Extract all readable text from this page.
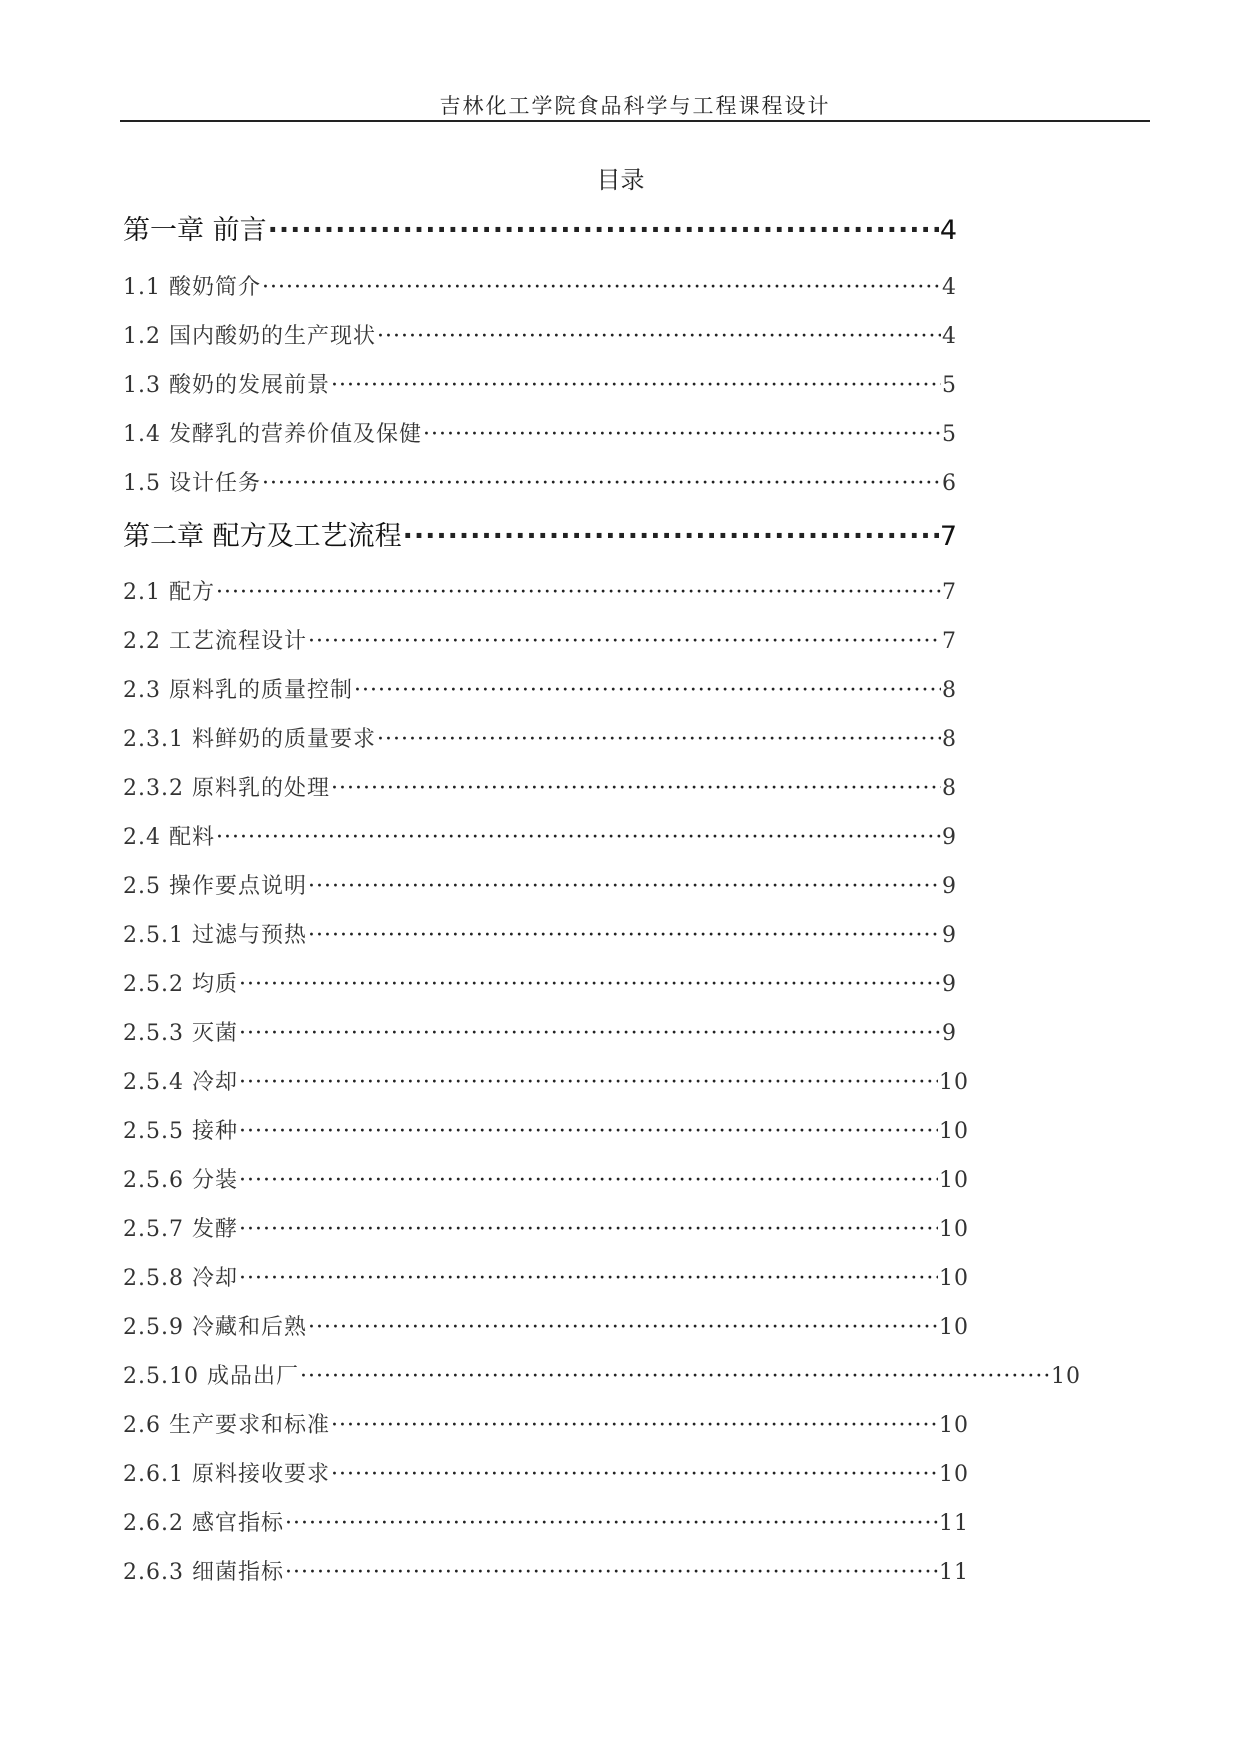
吉林化工学院食品科学与工程课程设计
目录
第一章 前言 ·····	4
1.1 酸奶简介 ·····	4
1.2 国内酸奶的生产现状 ·····	4
1.3 酸奶的发展前景 ·····	5
1.4 发酵乳的营养价值及保健 ·····	5
1.5 设计任务 ·····	6
第二章 配方及工艺流程 ·····	7
2.1 配方 ·····	7
2.2 工艺流程设计 ·····	7
2.3 原料乳的质量控制 ·····	8
2.3.1 料鲜奶的质量要求 ·····	8
2.3.2 原料乳的处理 ·····	8
2.4 配料 ·····	9
2.5 操作要点说明 ·····	9
2.5.1 过滤与预热 ·····	9
2.5.2 均质 ·····	9
2.5.3 灭菌 ·····	9
2.5.4 冷却 ·····	10
2.5.5 接种 ·····	10
2.5.6 分装 ·····	10
2.5.7 发酵 ·····	10
2.5.8 冷却 ·····	10
2.5.9 冷藏和后熟 ·····	10
2.5.10 成品出厂 ·····	10
2.6 生产要求和标准 ·····	10
2.6.1 原料接收要求 ·····	10
2.6.2 感官指标 ·····	11
2.6.3 细菌指标 ·····	11
